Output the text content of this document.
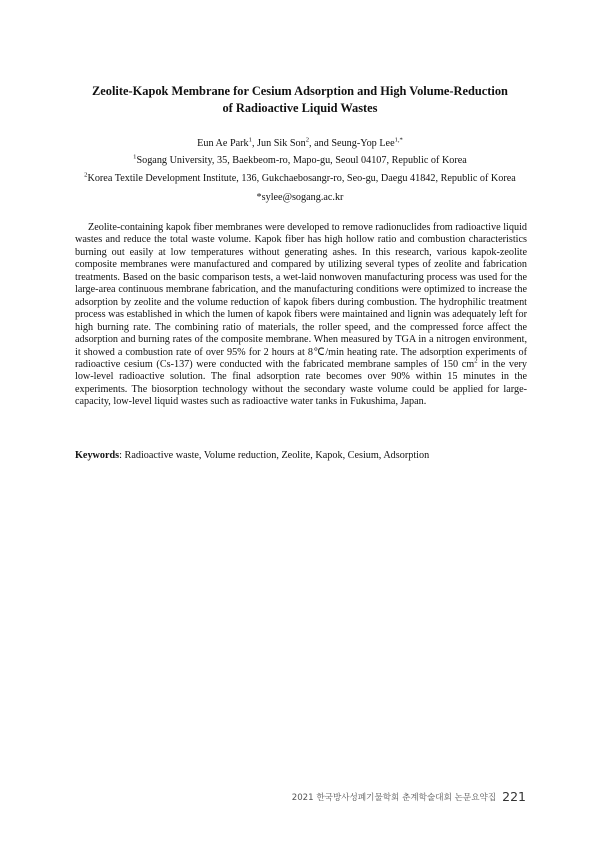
Zeolite-Kapok Membrane for Cesium Adsorption and High Volume-Reduction
of Radioactive Liquid Wastes
Eun Ae Park$^1$, Jun Sik Son$^2$, and Seung-Yop Lee$^{1,*}$
$^1$Sogang University, 35, Baekbeom-ro, Mapo-gu, Seoul 04107, Republic of Korea
$^2$Korea Textile Development Institute, 136, Gukchaebosangr-ro, Seo-gu, Daegu 41842, Republic of Korea
*sylee@sogang.ac.kr

Zeolite-containing kapok fiber membranes were developed to remove radionuclides from radioactive liquid wastes and reduce the total waste volume. Kapok fiber has high hollow ratio and combustion characteristics burning out easily at low temperatures without generating ashes. In this research, various kapok-zeolite composite membranes were manufactured and compared by utilizing several types of zeolite and fabrication treatments. Based on the basic comparison tests, a wet-laid nonwoven manufacturing process was used for the large-area continuous membrane fabrication, and the manufacturing conditions were optimized to increase the adsorption by zeolite and the volume reduction of kapok fibers during combustion. The hydrophilic treatment process was established in which the lumen of kapok fibers were maintained and lignin was adequately left for high burning rate. The combining ratio of materials, the roller speed, and the compressed force affect the adsorption and burning rates of the composite membrane. When measured by TGA in a nitrogen environment, it showed a combustion rate of over 95% for 2 hours at 8℃/min heating rate. The adsorption experiments of radioactive cesium (Cs-137) were conducted with the fabricated membrane samples of 150 $cm^2$ in the very low-level radioactive solution. The final adsorption rate becomes over 90% within 15 minutes in the experiments. The biosorption technology without the secondary waste volume could be applied for large-capacity, low-level liquid wastes such as radioactive water tanks in Fukushima, Japan.

Keywords: Radioactive waste, Volume reduction, Zeolite, Kapok, Cesium, Adsorption
2021 한국방사성폐기물학회 춘계학술대회 논문요약집 221
